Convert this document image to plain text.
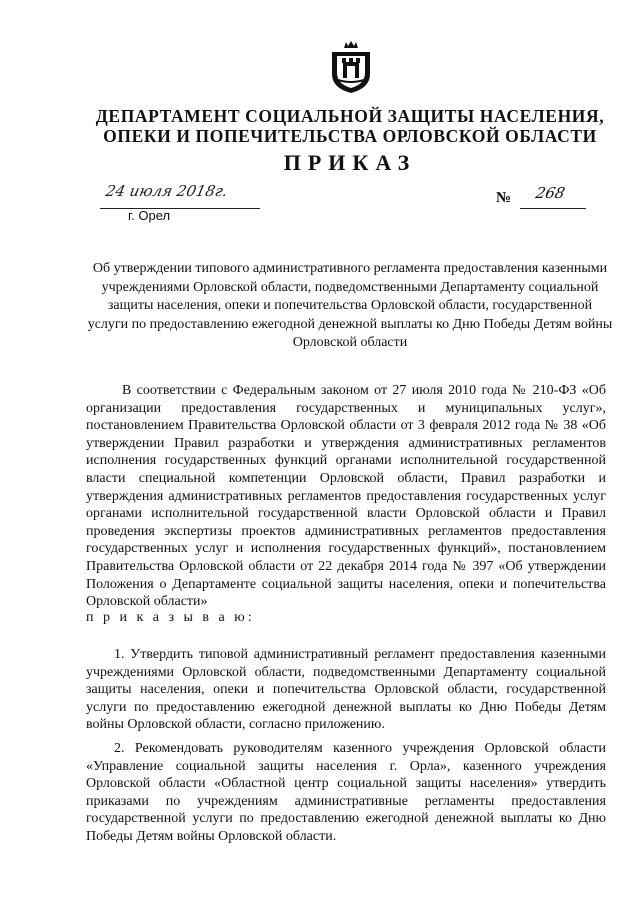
ДЕПАРТАМЕНТ СОЦИАЛЬНОЙ ЗАЩИТЫ НАСЕЛЕНИЯ, ОПЕКИ И ПОПЕЧИТЕЛЬСТВА ОРЛОВСКОЙ ОБЛАСТИ
ПРИКАЗ
24 июля 2018г.
г. Орел
№ 268
Об утверждении типового административного регламента предоставления казенными учреждениями Орловской области, подведомственными Департаменту социальной защиты населения, опеки и попечительства Орловской области, государственной услуги по предоставлению ежегодной денежной выплаты ко Дню Победы Детям войны Орловской области
В соответствии с Федеральным законом от 27 июля 2010 года № 210-ФЗ «Об организации предоставления государственных и муниципальных услуг», постановлением Правительства Орловской области от 3 февраля 2012 года № 38 «Об утверждении Правил разработки и утверждения административных регламентов исполнения государственных функций органами исполнительной государственной власти специальной компетенции Орловской области, Правил разработки и утверждения административных регламентов предоставления государственных услуг органами исполнительной государственной власти Орловской области и Правил проведения экспертизы проектов административных регламентов предоставления государственных услуг и исполнения государственных функций», постановлением Правительства Орловской области от 22 декабря 2014 года № 397 «Об утверждении Положения о Департаменте социальной защиты населения, опеки и попечительства Орловской области»
п р и к а з ы в а ю:
1. Утвердить типовой административный регламент предоставления казенными учреждениями Орловской области, подведомственными Департаменту социальной защиты населения, опеки и попечительства Орловской области, государственной услуги по предоставлению ежегодной денежной выплаты ко Дню Победы Детям войны Орловской области, согласно приложению.
2. Рекомендовать руководителям казенного учреждения Орловской области «Управление социальной защиты населения г. Орла», казенного учреждения Орловской области «Областной центр социальной защиты населения» утвердить приказами по учреждениям административные регламенты предоставления государственной услуги по предоставлению ежегодной денежной выплаты ко Дню Победы Детям войны Орловской области.
